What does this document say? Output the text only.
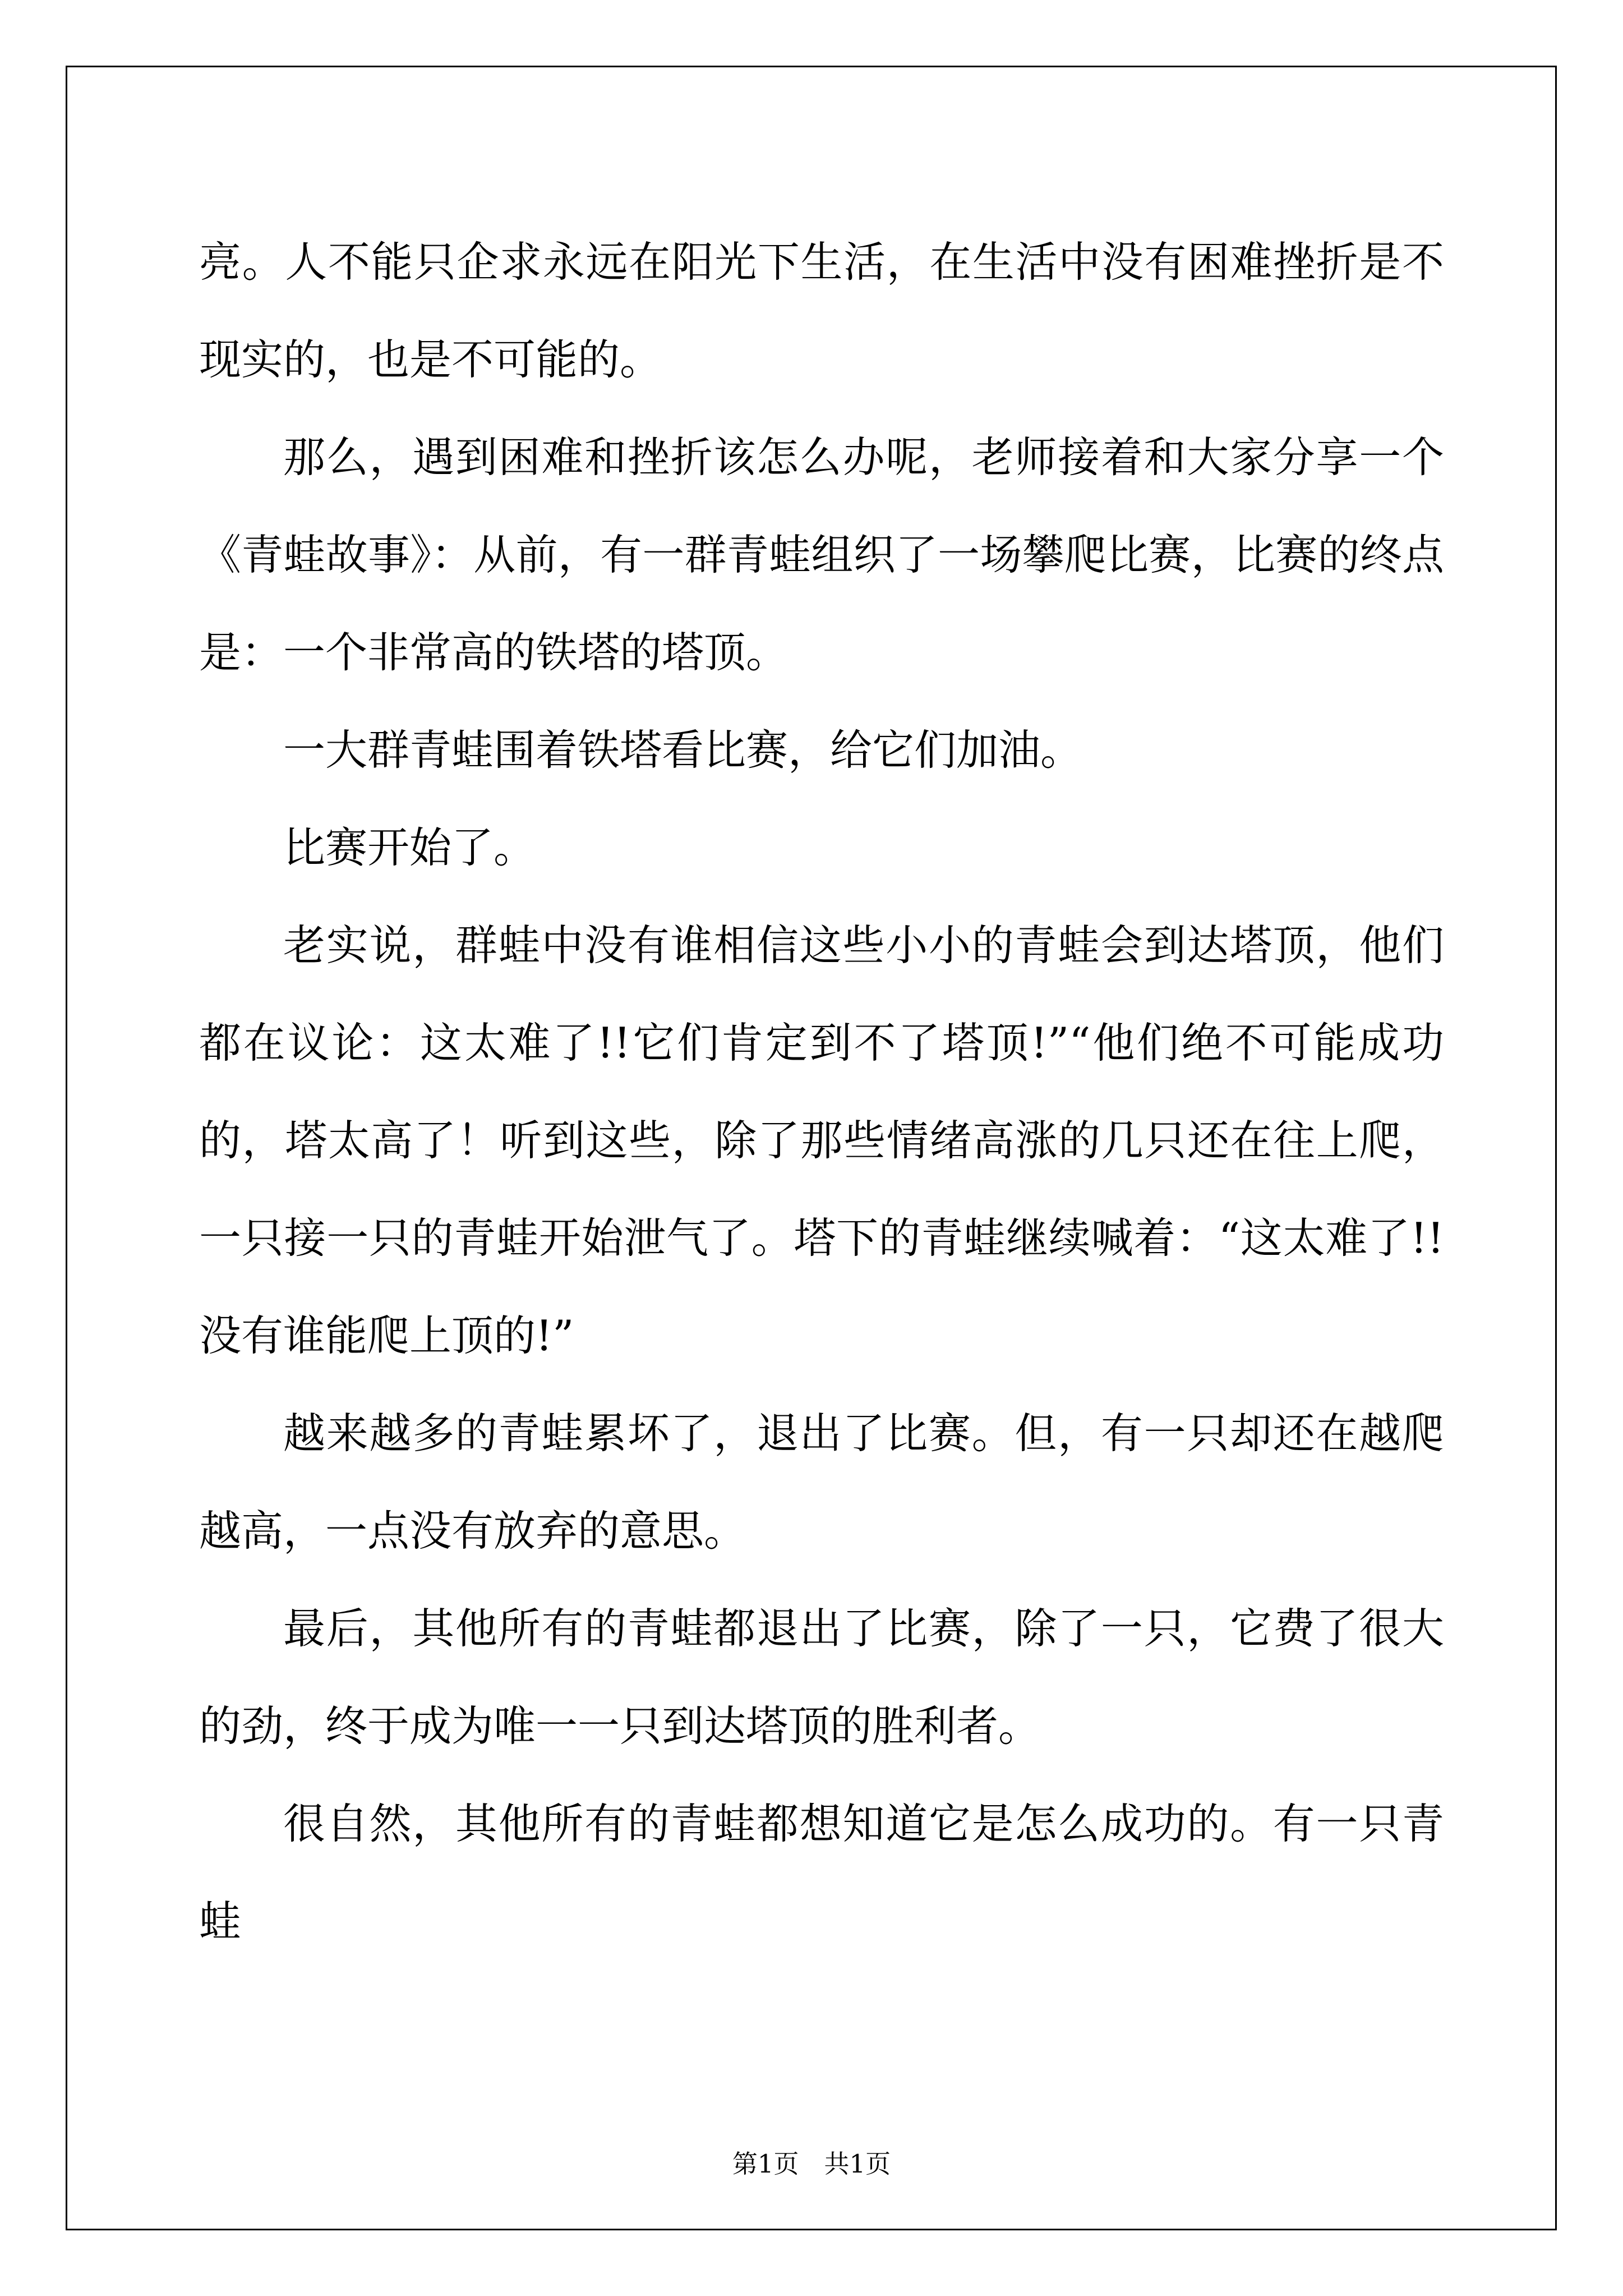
亮。人不能只企求永远在阳光下生活，在生活中没有困难挫折是不现实的，也是不可能的。

那么，遇到困难和挫折该怎么办呢，老师接着和大家分享一个《青蛙故事》：从前，有一群青蛙组织了一场攀爬比赛，比赛的终点是：一个非常高的铁塔的塔顶。

一大群青蛙围着铁塔看比赛，给它们加油。

比赛开始了。

老实说，群蛙中没有谁相信这些小小的青蛙会到达塔顶，他们都在议论：这太难了!!它们肯定到不了塔顶!”“他们绝不可能成功的，塔太高了！听到这些，除了那些情绪高涨的几只还在往上爬，一只接一只的青蛙开始泄气了。塔下的青蛙继续喊着：“这太难了!!没有谁能爬上顶的!”

越来越多的青蛙累坏了，退出了比赛。但，有一只却还在越爬越高，一点没有放弃的意思。

最后，其他所有的青蛙都退出了比赛，除了一只，它费了很大的劲，终于成为唯一一只到达塔顶的胜利者。

很自然，其他所有的青蛙都想知道它是怎么成功的。有一只青蛙

第1页　共1页
